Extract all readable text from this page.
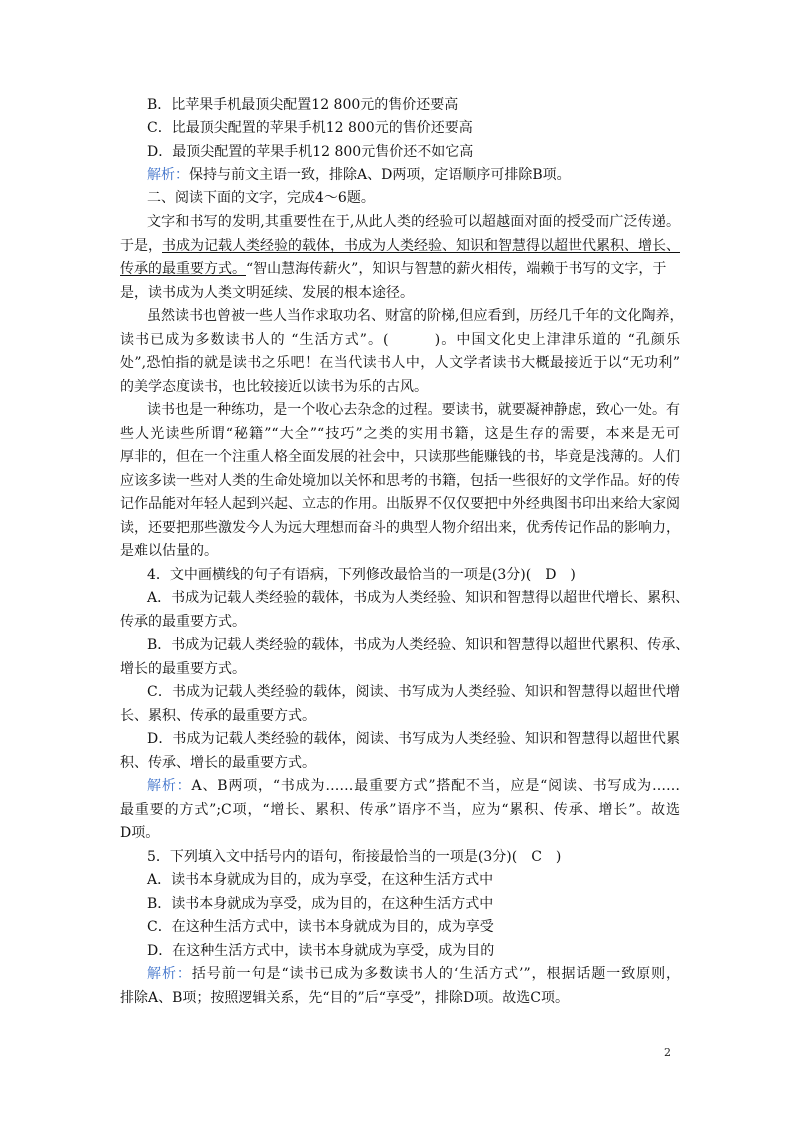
B．比苹果手机最顶尖配置12 800元的售价还要高
C．比最顶尖配置的苹果手机12 800元的售价还要高
D．最顶尖配置的苹果手机12 800元售价还不如它高
解析：保持与前文主语一致，排除A、D两项，定语顺序可排除B项。
二、阅读下面的文字，完成4～6题。
文字和书写的发明,其重要性在于,从此人类的经验可以超越面对面的授受而广泛传递。
于是，书成为记载人类经验的载体，书成为人类经验、知识和智慧得以超世代累积、增长、
传承的最重要方式。“智山慧海传薪火”，知识与智慧的薪火相传，端赖于书写的文字，于
是，读书成为人类文明延续、发展的根本途径。
虽然读书也曾被一些人当作求取功名、财富的阶梯,但应看到，历经几千年的文化陶养，
读书已成为多数读书人的 “生活方式”。(　　　)。中国文化史上津津乐道的 “孔颜乐
处”,恐怕指的就是读书之乐吧！在当代读书人中，人文学者读书大概最接近于以“无功利”
的美学态度读书，也比较接近以读书为乐的古风。
读书也是一种练功，是一个收心去杂念的过程。要读书，就要凝神静虑，致心一处。有
些人光读些所谓“秘籍”“大全”“技巧”之类的实用书籍，这是生存的需要，本来是无可
厚非的，但在一个注重人格全面发展的社会中，只读那些能赚钱的书，毕竟是浅薄的。人们
应该多读一些对人类的生命处境加以关怀和思考的书籍，包括一些很好的文学作品。好的传
记作品能对年轻人起到兴起、立志的作用。出版界不仅仅要把中外经典图书印出来给大家阅
读，还要把那些激发今人为远大理想而奋斗的典型人物介绍出来，优秀传记作品的影响力，
是难以估量的。
4．文中画横线的句子有语病，下列修改最恰当的一项是(3分)(　D　)
A．书成为记载人类经验的载体，书成为人类经验、知识和智慧得以超世代增长、累积、
传承的最重要方式。
B．书成为记载人类经验的载体，书成为人类经验、知识和智慧得以超世代累积、传承、
增长的最重要方式。
C．书成为记载人类经验的载体，阅读、书写成为人类经验、知识和智慧得以超世代增
长、累积、传承的最重要方式。
D．书成为记载人类经验的载体，阅读、书写成为人类经验、知识和智慧得以超世代累
积、传承、增长的最重要方式。
解析：A、B两项，“书成为……最重要方式”搭配不当，应是“阅读、书写成为……
最重要的方式”;C项，“增长、累积、传承”语序不当，应为“累积、传承、增长”。故选
D项。
5．下列填入文中括号内的语句，衔接最恰当的一项是(3分)(　C　)
A．读书本身就成为目的，成为享受，在这种生活方式中
B．读书本身就成为享受，成为目的，在这种生活方式中
C．在这种生活方式中，读书本身就成为目的，成为享受
D．在这种生活方式中，读书本身就成为享受，成为目的
解析：括号前一句是“读书已成为多数读书人的‘生活方式’”，根据话题一致原则，
排除A、B项；按照逻辑关系，先“目的”后“享受”，排除D项。故选C项。
2
